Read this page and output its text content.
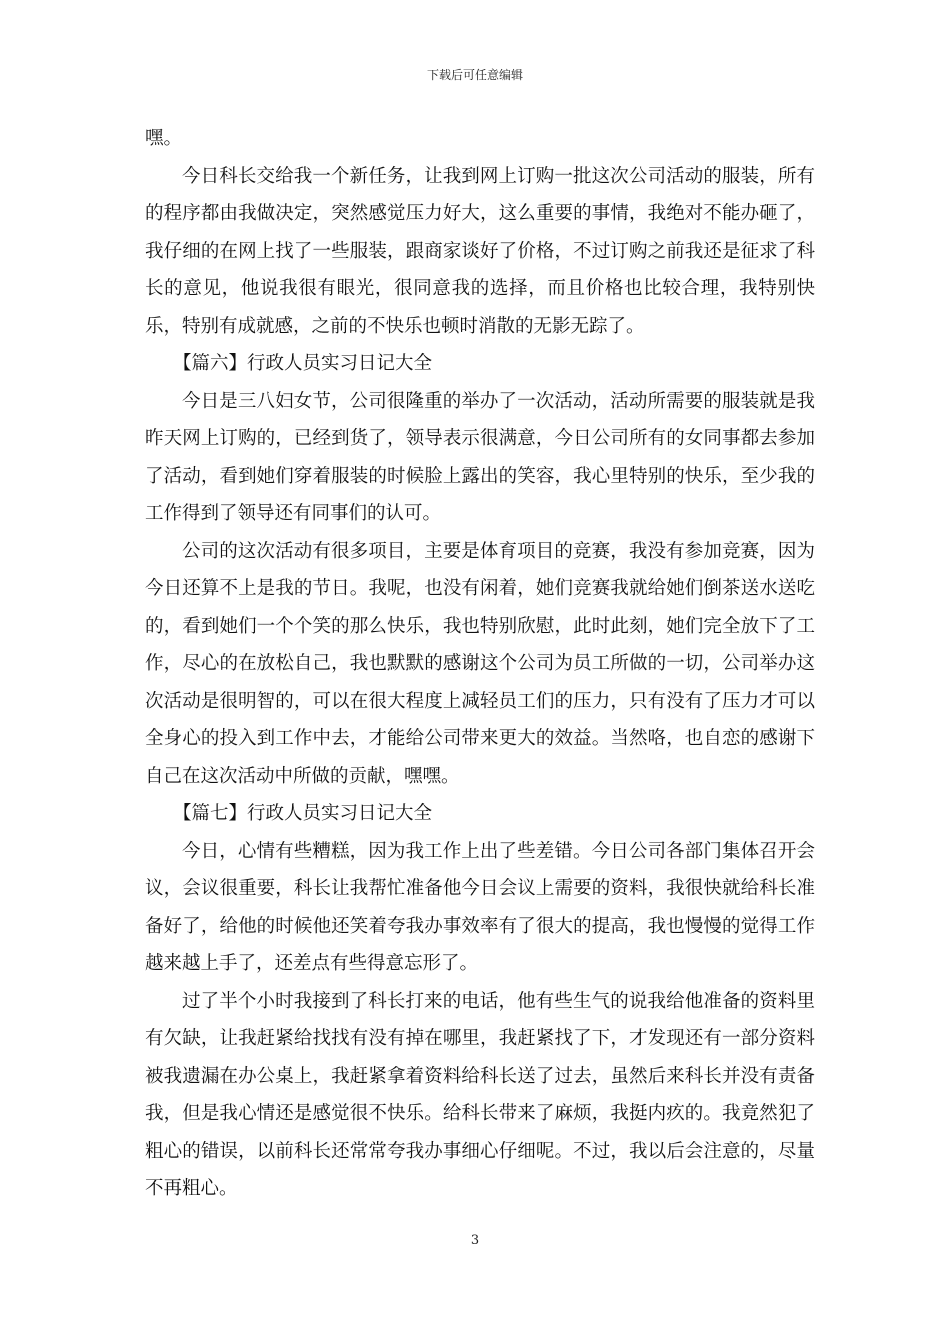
下载后可任意编辑

嘿。

今日科长交给我一个新任务，让我到网上订购一批这次公司活动的服装，所有的程序都由我做决定，突然感觉压力好大，这么重要的事情，我绝对不能办砸了，我仔细的在网上找了一些服装，跟商家谈好了价格，不过订购之前我还是征求了科长的意见，他说我很有眼光，很同意我的选择，而且价格也比较合理，我特别快乐，特别有成就感，之前的不快乐也顿时消散的无影无踪了。

【篇六】行政人员实习日记大全

今日是三八妇女节，公司很隆重的举办了一次活动，活动所需要的服装就是我昨天网上订购的，已经到货了，领导表示很满意，今日公司所有的女同事都去参加了活动，看到她们穿着服装的时候脸上露出的笑容，我心里特别的快乐，至少我的工作得到了领导还有同事们的认可。

公司的这次活动有很多项目，主要是体育项目的竞赛，我没有参加竞赛，因为今日还算不上是我的节日。我呢，也没有闲着，她们竞赛我就给她们倒茶送水送吃的，看到她们一个个笑的那么快乐，我也特别欣慰，此时此刻，她们完全放下了工作，尽心的在放松自己，我也默默的感谢这个公司为员工所做的一切，公司举办这次活动是很明智的，可以在很大程度上减轻员工们的压力，只有没有了压力才可以全身心的投入到工作中去，才能给公司带来更大的效益。当然咯，也自恋的感谢下自己在这次活动中所做的贡献，嘿嘿。

【篇七】行政人员实习日记大全

今日，心情有些糟糕，因为我工作上出了些差错。今日公司各部门集体召开会议，会议很重要，科长让我帮忙准备他今日会议上需要的资料，我很快就给科长准备好了，给他的时候他还笑着夸我办事效率有了很大的提高，我也慢慢的觉得工作越来越上手了，还差点有些得意忘形了。

过了半个小时我接到了科长打来的电话，他有些生气的说我给他准备的资料里有欠缺，让我赶紧给找找有没有掉在哪里，我赶紧找了下，才发现还有一部分资料被我遗漏在办公桌上，我赶紧拿着资料给科长送了过去，虽然后来科长并没有责备我，但是我心情还是感觉很不快乐。给科长带来了麻烦，我挺内疚的。我竟然犯了粗心的错误，以前科长还常常夸我办事细心仔细呢。不过，我以后会注意的，尽量不再粗心。

3
